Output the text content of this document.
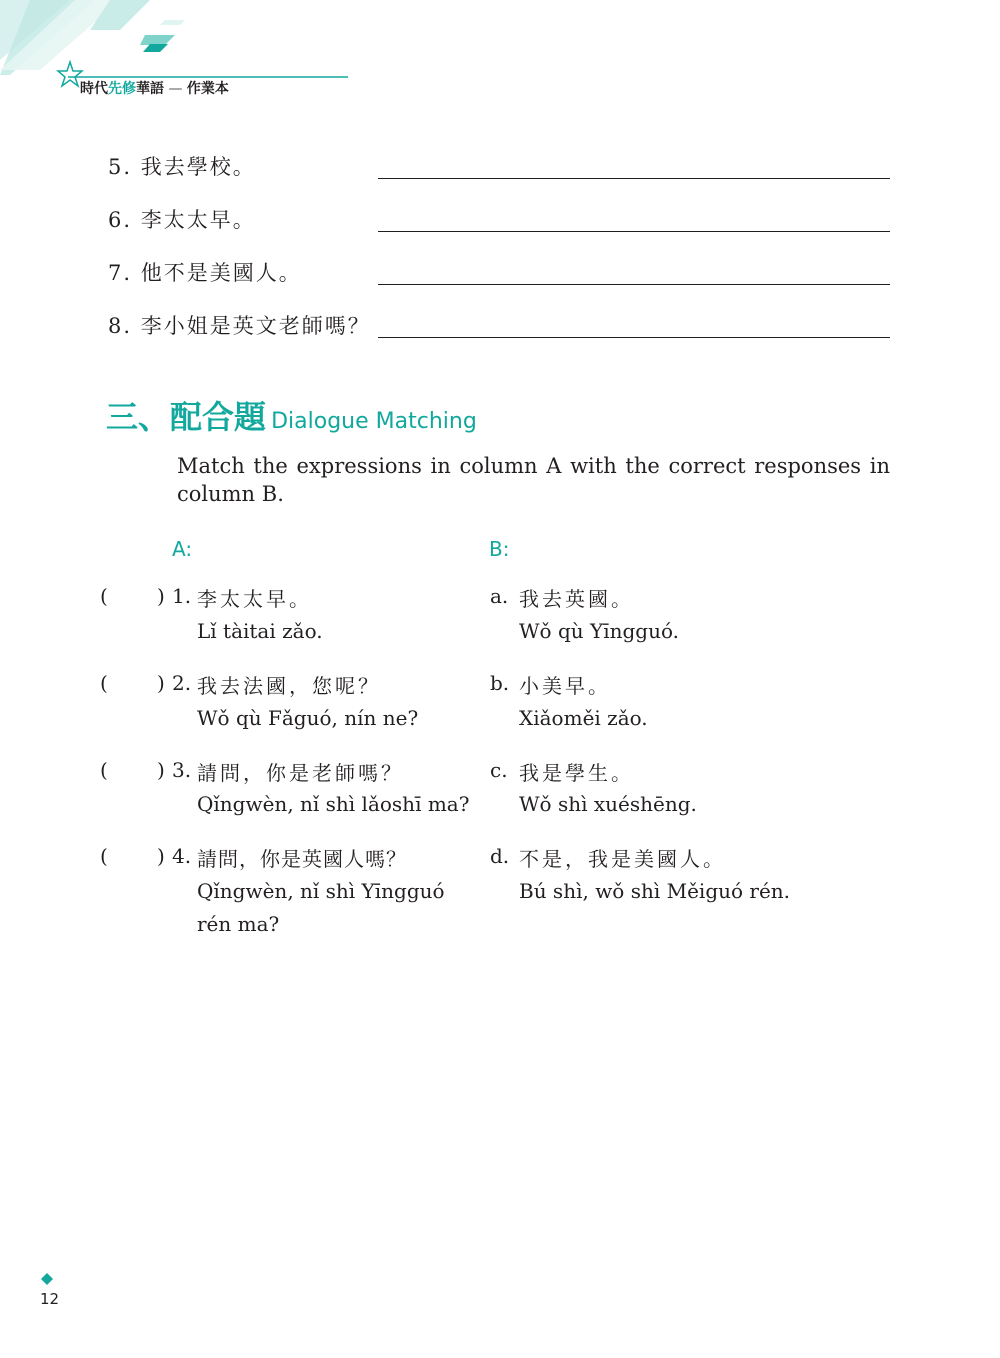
時代先修華語 — 作業本
5. 我去學校。
6. 李太太早。
7. 他不是美國人。
8. 李小姐是英文老師嗎？
三、配合題 Dialogue Matching
Match the expressions in column A with the correct responses in column B.
A:	B:
( ) 1. 李太太早。
Lǐ tàitai zǎo.
( ) 2. 我去法國，您呢？
Wǒ qù Fǎguó, nín ne?
( ) 3. 請問，你是老師嗎？
Qǐngwèn, nǐ shì lǎoshī ma?
( ) 4. 請問，你是英國人嗎？
Qǐngwèn, nǐ shì Yīngguó
rén ma?
a. 我去英國。
Wǒ qù Yīngguó.
b. 小美早。
Xiǎoměi zǎo.
c. 我是學生。
Wǒ shì xuéshēng.
d. 不是，我是美國人。
Bú shì, wǒ shì Měiguó rén.
12
